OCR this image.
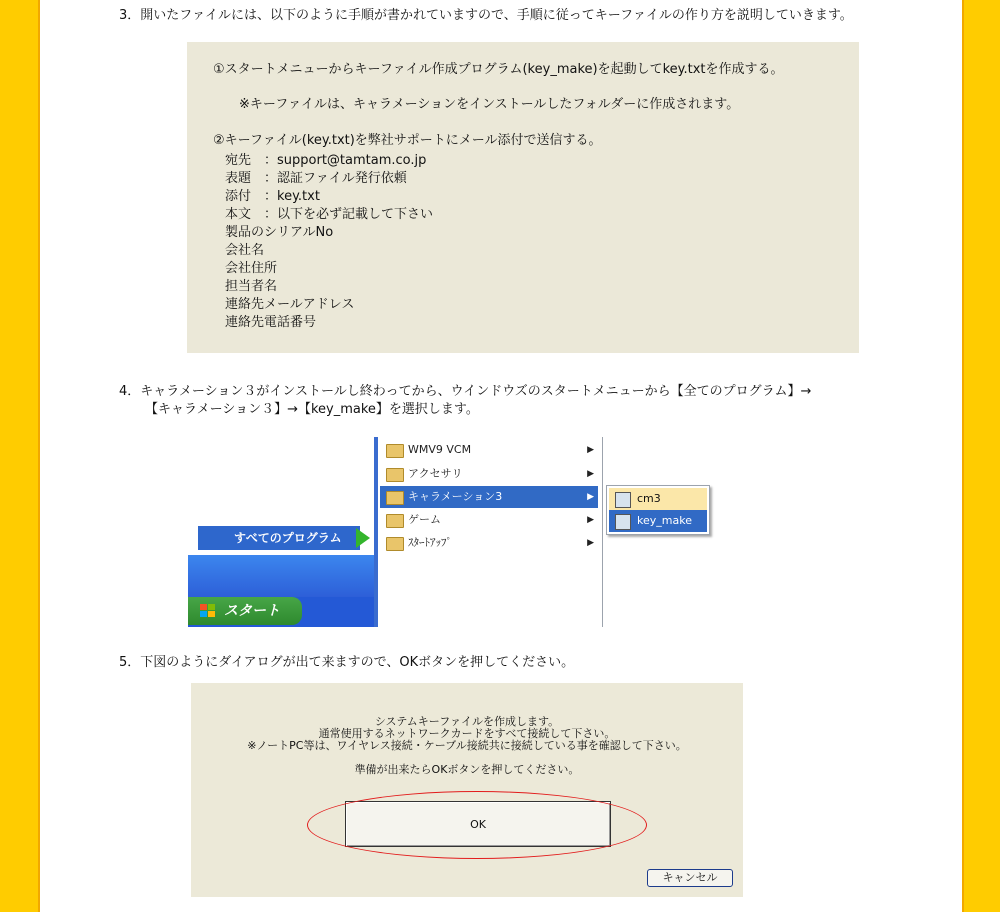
3．開いたファイルには、以下のように手順が書かれていますので、手順に従ってキーファイルの作り方を説明していきます。
①スタートメニューからキーファイル作成プログラム(key_make)を起動してkey.txtを作成する。
※キーファイルは、キャラメーションをインストールしたフォルダーに作成されます。
②キーファイル(key.txt)を弊社サポートにメール添付で送信する。
宛先　：support@tamtam.co.jp
表題　：認証ファイル発行依頼
添付　：key.txt
本文　：以下を必ず記載して下さい
製品のシリアルNo
会社名
会社住所
担当者名
連絡先メールアドレス
連絡先電話番号
4．キャラメーション３がインストールし終わってから、ウインドウズのスタートメニューから【全てのプログラム】→
【キャラメーション３】→【key_make】を選択します。
すべてのプログラム
スタート
WMV9 VCM	▶
アクセサリ	▶
キャラメーション3	▶
ゲーム	▶
ｽﾀｰﾄｱｯﾌﾟ	▶
cm3
key_make
5．下図のようにダイアログが出て来ますので、OKボタンを押してください。
システムキーファイルを作成します。
通常使用するネットワークカードをすべて接続して下さい。
※ノートPC等は、ワイヤレス接続・ケーブル接続共に接続している事を確認して下さい。
準備が出来たらOKボタンを押してください。
OK
キャンセル
